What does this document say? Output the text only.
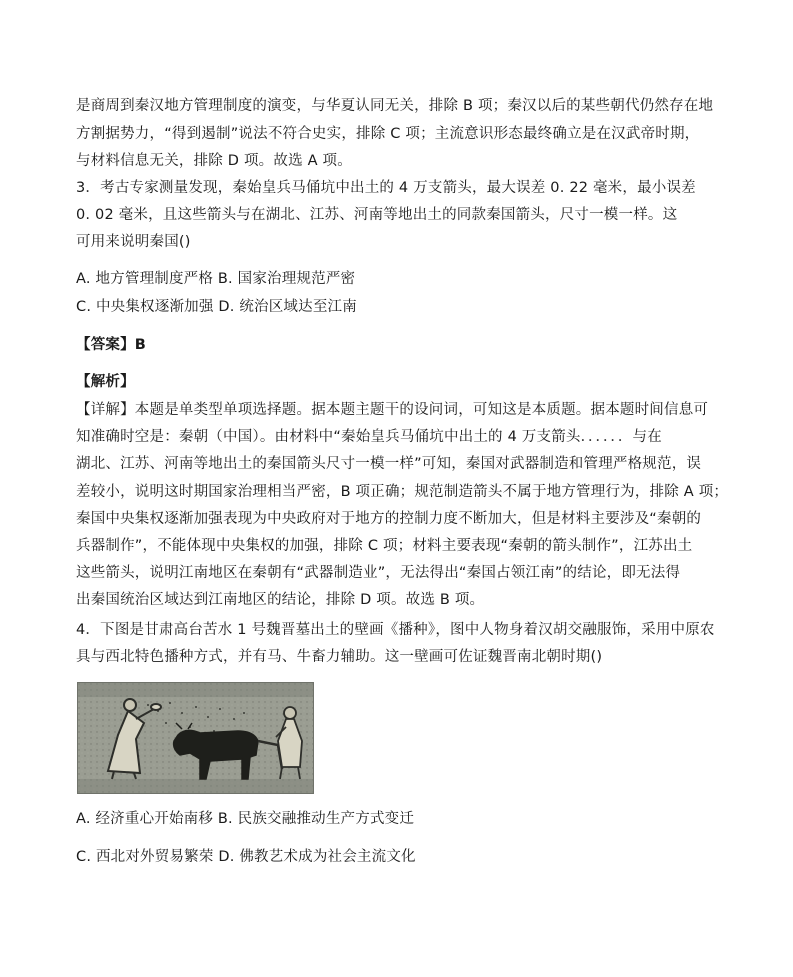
是商周到秦汉地方管理制度的演变，与华夏认同无关，排除 B 项；秦汉以后的某些朝代仍然存在地
方割据势力，“得到遏制”说法不符合史实，排除 C 项；主流意识形态最终确立是在汉武帝时期，
与材料信息无关，排除 D 项。故选 A 项。
3．考古专家测量发现，秦始皇兵马俑坑中出土的 4 万支箭头，最大误差 0. 22 毫米，最小误差
0. 02 毫米，且这些箭头与在湖北、江苏、河南等地出土的同款秦国箭头，尺寸一模一样。这
可用来说明秦国()
A. 地方管理制度严格 B. 国家治理规范严密
C. 中央集权逐渐加强 D. 统治区域达至江南
【答案】B
【解析】
【详解】本题是单类型单项选择题。据本题主题干的设问词，可知这是本质题。据本题时间信息可
知准确时空是：秦朝（中国）。由材料中“秦始皇兵马俑坑中出土的 4 万支箭头．．．．．．与在
湖北、江苏、河南等地出土的秦国箭头尺寸一模一样”可知，秦国对武器制造和管理严格规范，误
差较小，说明这时期国家治理相当严密，B 项正确；规范制造箭头不属于地方管理行为，排除 A 项；
秦国中央集权逐渐加强表现为中央政府对于地方的控制力度不断加大，但是材料主要涉及“秦朝的
兵器制作”，不能体现中央集权的加强，排除 C 项；材料主要表现“秦朝的箭头制作”，江苏出土
这些箭头，说明江南地区在秦朝有“武器制造业”，无法得出“秦国占领江南”的结论，即无法得
出秦国统治区域达到江南地区的结论，排除 D 项。故选 B 项。
4．下图是甘肃高台苦水 1 号魏晋墓出土的壁画《播种》，图中人物身着汉胡交融服饰，采用中原农
具与西北特色播种方式，并有马、牛畜力辅助。这一壁画可佐证魏晋南北朝时期()
A. 经济重心开始南移 B. 民族交融推动生产方式变迁
C. 西北对外贸易繁荣 D. 佛教艺术成为社会主流文化
